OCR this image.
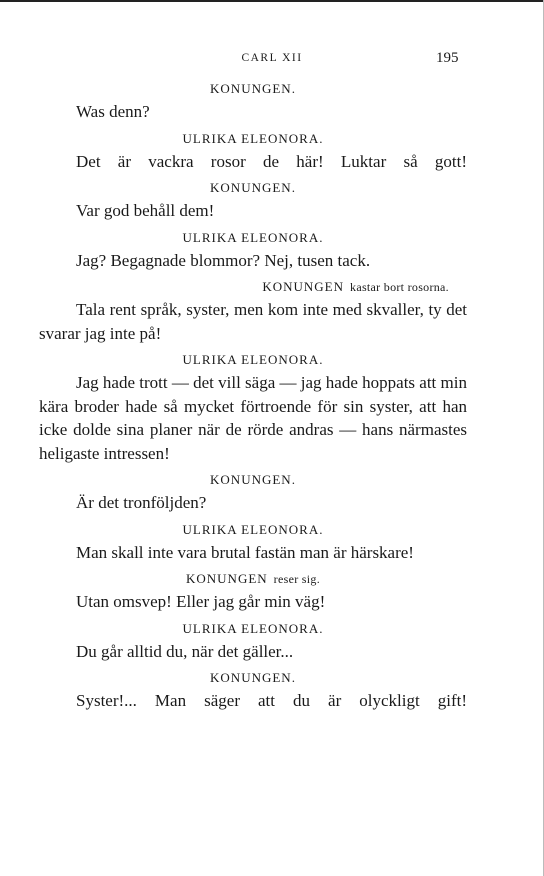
CARL XII	195
KONUNGEN.

Was denn?

ULRIKA ELEONORA.

Det är vackra rosor de här! Luktar så gott!

KONUNGEN.

Var god behåll dem!

ULRIKA ELEONORA.

Jag? Begagnade blommor? Nej, tusen tack.

KONUNGEN kastar bort rosorna.

Tala rent språk, syster, men kom inte med skvaller, ty det svarar jag inte på!

ULRIKA ELEONORA.

Jag hade trott — det vill säga — jag hade hoppats att min kära broder hade så mycket förtroende för sin syster, att han icke dolde sina planer när de rörde andras — hans närmastes heligaste intressen!

KONUNGEN.

Är det tronföljden?

ULRIKA ELEONORA.

Man skall inte vara brutal fastän man är härskare!

KONUNGEN reser sig.

Utan omsvep! Eller jag går min väg!

ULRIKA ELEONORA.

Du går alltid du, när det gäller...

KONUNGEN.

Syster!... Man säger att du är olyckligt gift!
